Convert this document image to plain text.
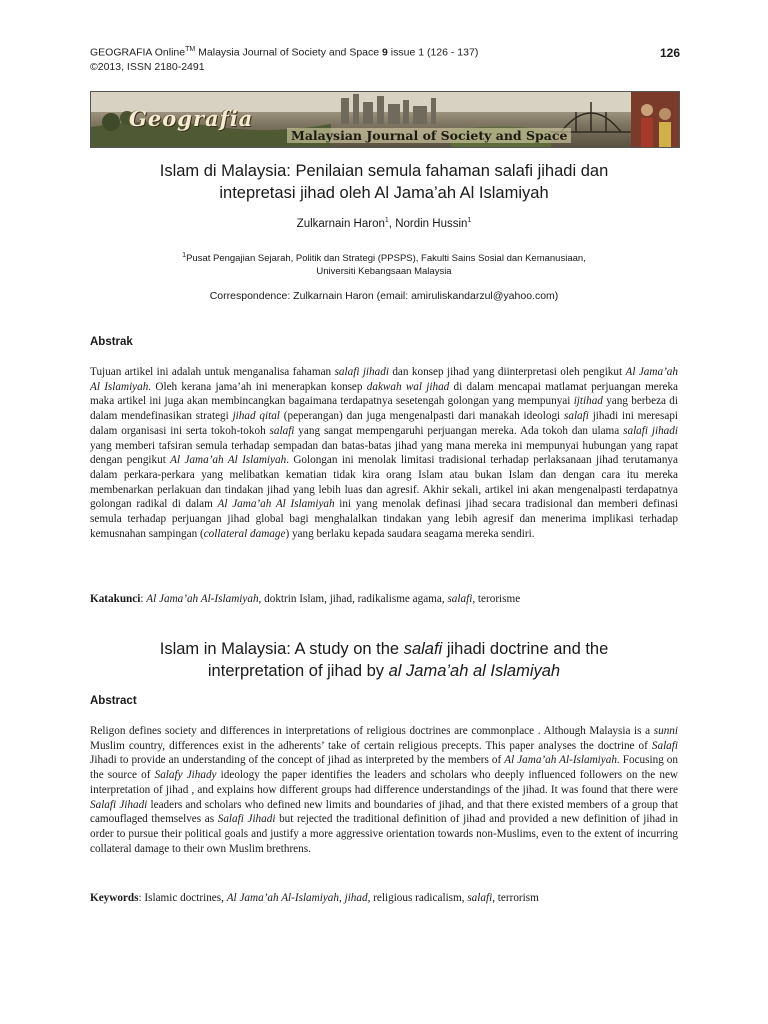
GEOGRAFIA Online™ Malaysia Journal of Society and Space 9 issue 1 (126 - 137)
©2013, ISSN 2180-2491
126
Geografia
Malaysian Journal of Society and Space
Islam di Malaysia: Penilaian semula fahaman salafi jihadi dan
intepretasi jihad oleh Al Jama’ah Al Islamiyah
Zulkarnain Haron$^1$, Nordin Hussin$^1$
$^1$Pusat Pengajian Sejarah, Politik dan Strategi (PPSPS), Fakulti Sains Sosial dan Kemanusiaan,
Universiti Kebangsaan Malaysia
Correspondence: Zulkarnain Haron (email: amiruliskandarzul@yahoo.com)
Abstrak
Tujuan artikel ini adalah untuk menganalisa fahaman salafi jihadi dan konsep jihad yang diinterpretasi oleh pengikut Al Jama’ah Al Islamiyah. Oleh kerana jama’ah ini menerapkan konsep dakwah wal jihad di dalam mencapai matlamat perjuangan mereka maka artikel ini juga akan membincangkan bagaimana terdapatnya sesetengah golongan yang mempunyai ijtihad yang berbeza di dalam mendefinasikan strategi jihad qital (peperangan) dan juga mengenalpasti dari manakah ideologi salafi jihadi ini meresapi dalam organisasi ini serta tokoh-tokoh salafi yang sangat mempengaruhi perjuangan mereka. Ada tokoh dan ulama salafi jihadi yang memberi tafsiran semula terhadap sempadan dan batas-batas jihad yang mana mereka ini mempunyai hubungan yang rapat dengan pengikut Al Jama’ah Al Islamiyah. Golongan ini menolak limitasi tradisional terhadap perlaksanaan jihad terutamanya dalam perkara-perkara yang melibatkan kematian tidak kira orang Islam atau bukan Islam dan dengan cara itu mereka membenarkan perlakuan dan tindakan jihad yang lebih luas dan agresif. Akhir sekali, artikel ini akan mengenalpasti terdapatnya golongan radikal di dalam Al Jama’ah Al Islamiyah ini yang menolak definasi jihad secara tradisional dan memberi definasi semula terhadap perjuangan jihad global bagi menghalalkan tindakan yang lebih agresif dan menerima implikasi terhadap kemusnahan sampingan (collateral damage) yang berlaku kepada saudara seagama mereka sendiri.
Katakunci: Al Jama’ah Al-Islamiyah, doktrin Islam, jihad, radikalisme agama, salafi, terorisme
Islam in Malaysia: A study on the salafi jihadi doctrine and the
interpretation of jihad by al Jama’ah al Islamiyah
Abstract
Religon defines society and differences in interpretations of religious doctrines are commonplace . Although Malaysia is a sunni Muslim country, differences exist in the adherents’ take of certain religious precepts. This paper analyses the doctrine of Salafi Jihadi to provide an understanding of the concept of jihad as interpreted by the members of Al Jama’ah Al-Islamiyah. Focusing on the source of Salafy Jihady ideology the paper identifies the leaders and scholars who deeply influenced followers on the new interpretation of jihad , and explains how different groups had difference understandings of the jihad. It was found that there were Salafi Jihadi leaders and scholars who defined new limits and boundaries of jihad, and that there existed members of a group that camouflaged themselves as Salafi Jihadi but rejected the traditional definition of jihad and provided a new definition of jihad in order to pursue their political goals and justify a more aggressive orientation towards non-Muslims, even to the extent of incurring collateral damage to their own Muslim brethrens.
Keywords: Islamic doctrines, Al Jama’ah Al-Islamiyah, jihad, religious radicalism, salafi, terrorism
